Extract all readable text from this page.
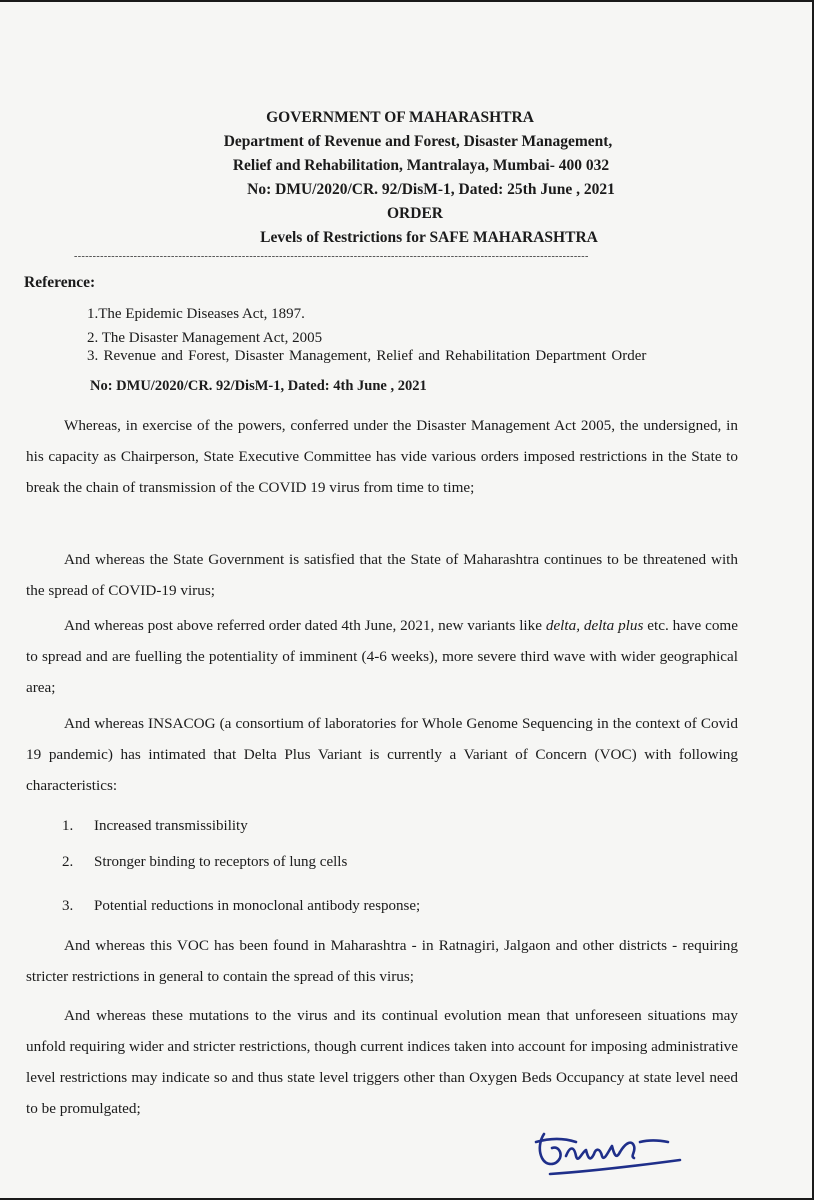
GOVERNMENT OF MAHARASHTRA
Department of Revenue and Forest, Disaster Management,
Relief and Rehabilitation, Mantralaya, Mumbai- 400 032
No: DMU/2020/CR. 92/DisM-1, Dated: 25th June , 2021
ORDER
Levels of Restrictions for SAFE MAHARASHTRA
------------------------------------------------------------------------------------------------------------------------------------------
Reference:
1.The Epidemic Diseases Act, 1897.
2. The Disaster Management Act, 2005
3. Revenue and Forest, Disaster Management, Relief and Rehabilitation Department Order
No: DMU/2020/CR. 92/DisM-1, Dated: 4th June , 2021
Whereas, in exercise of the powers, conferred under the Disaster Management Act 2005, the undersigned, in his capacity as Chairperson, State Executive Committee has vide various orders imposed restrictions in the State to break the chain of transmission of the COVID 19 virus from time to time;
And whereas the State Government is satisfied that the State of Maharashtra continues to be threatened with the spread of COVID-19 virus;
And whereas post above referred order dated 4th June, 2021, new variants like delta, delta plus etc. have come to spread and are fuelling the potentiality of imminent (4-6 weeks), more severe third wave with wider geographical area;
And whereas INSACOG (a consortium of laboratories for Whole Genome Sequencing in the context of Covid 19 pandemic) has intimated that Delta Plus Variant is currently a Variant of Concern (VOC) with following characteristics:
1. Increased transmissibility
2. Stronger binding to receptors of lung cells
3. Potential reductions in monoclonal antibody response;
And whereas this VOC has been found in Maharashtra - in Ratnagiri, Jalgaon and other districts - requiring stricter restrictions in general to contain the spread of this virus;
And whereas these mutations to the virus and its continual evolution mean that unforeseen situations may unfold requiring wider and stricter restrictions, though current indices taken into account for imposing administrative level restrictions may indicate so and thus state level triggers other than Oxygen Beds Occupancy at state level need to be promulgated;
